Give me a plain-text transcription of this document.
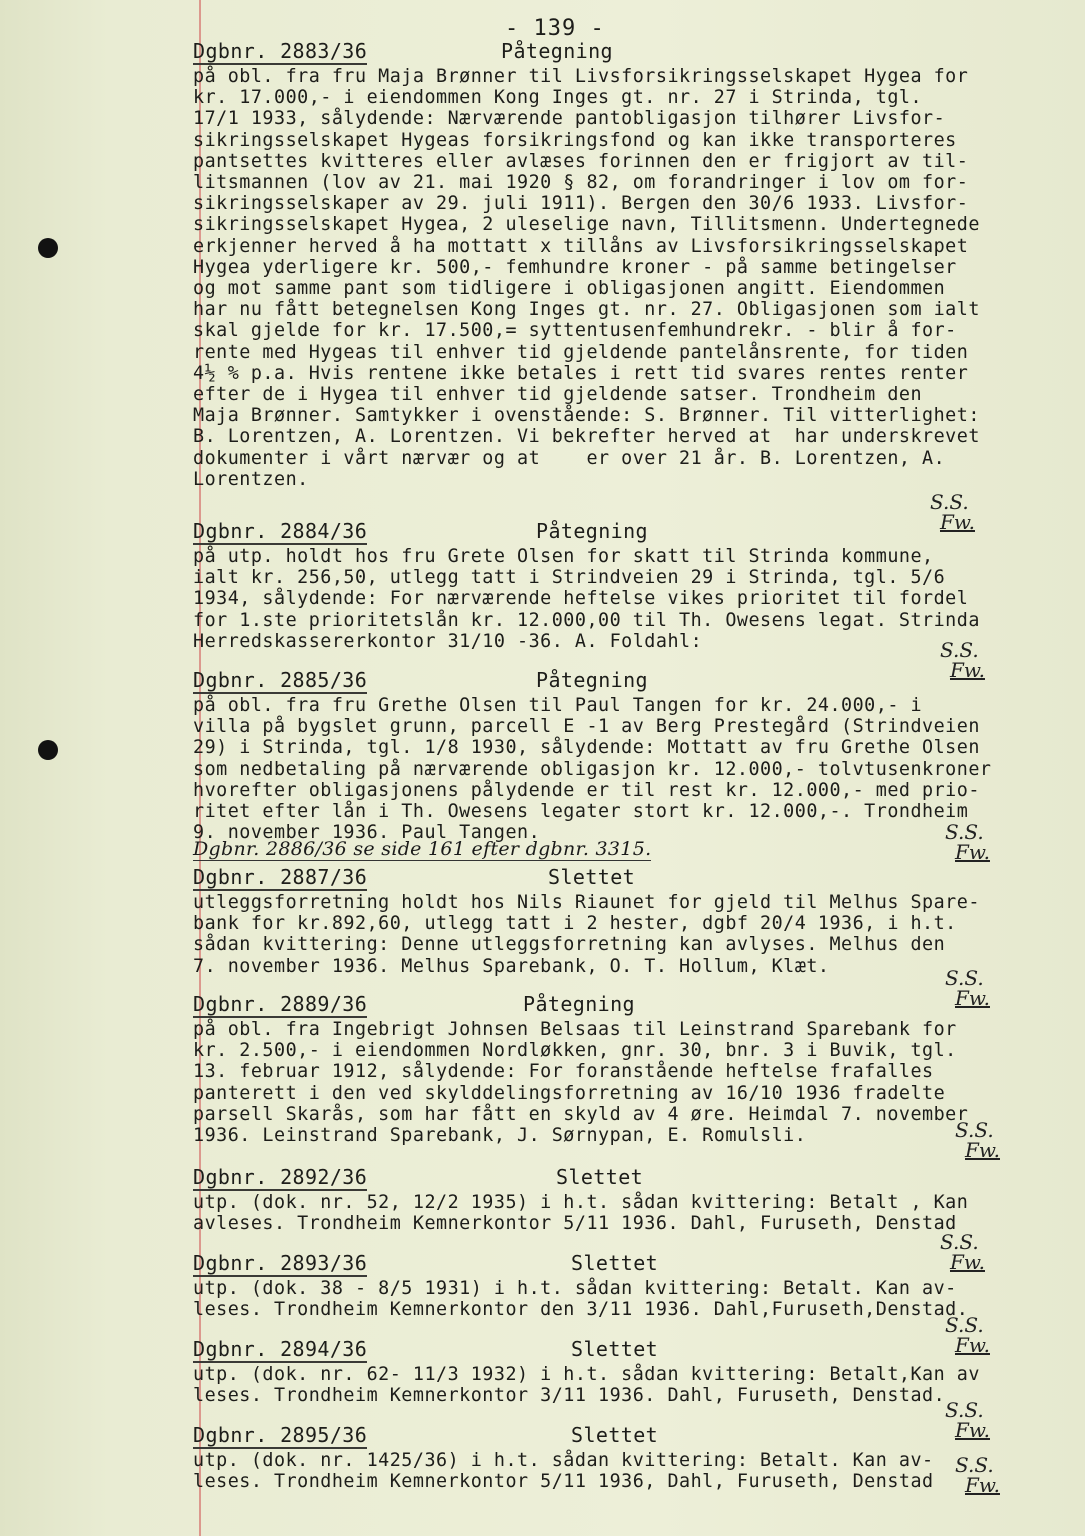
- 139 -
Dgbnr. 2886/36 se side 161 efter dgbnr. 3315.
Dgbnr. 2883/36	Påtegning
på obl. fra fru Maja Brønner til Livsforsikringsselskapet Hygea for
kr. 17.000,- i eiendommen Kong Inges gt. nr. 27 i Strinda, tgl.
17/1 1933, sålydende: Nærværende pantobligasjon tilhører Livsfor-
sikringsselskapet Hygeas forsikringsfond og kan ikke transporteres
pantsettes kvitteres eller avlæses forinnen den er frigjort av til-
litsmannen (lov av 21. mai 1920 § 82, om forandringer i lov om for-
sikringsselskaper av 29. juli 1911). Bergen den 30/6 1933. Livsfor-
sikringsselskapet Hygea, 2 uleselige navn, Tillitsmenn. Undertegnede
erkjenner herved å ha mottatt x tillåns av Livsforsikringsselskapet
Hygea yderligere kr. 500,- femhundre kroner - på samme betingelser
og mot samme pant som tidligere i obligasjonen angitt. Eiendommen
har nu fått betegnelsen Kong Inges gt. nr. 27. Obligasjonen som ialt
skal gjelde for kr. 17.500,= syttentusenfemhundrekr. - blir å for-
rente med Hygeas til enhver tid gjeldende pantelånsrente, for tiden
4½ % p.a. Hvis rentene ikke betales i rett tid svares rentes renter
efter de i Hygea til enhver tid gjeldende satser. Trondheim den
Maja Brønner. Samtykker i ovenstående: S. Brønner. Til vitterlighet:
B. Lorentzen, A. Lorentzen. Vi bekrefter herved at  har underskrevet
dokumenter i vårt nærvær og at    er over 21 år. B. Lorentzen, A.
Lorentzen.
Dgbnr. 2884/36	Påtegning
på utp. holdt hos fru Grete Olsen for skatt til Strinda kommune,
ialt kr. 256,50, utlegg tatt i Strindveien 29 i Strinda, tgl. 5/6
1934, sålydende: For nærværende heftelse vikes prioritet til fordel
for 1.ste prioritetslån kr. 12.000,00 til Th. Owesens legat. Strinda
Herredskassererkontor 31/10 -36. A. Foldahl:
Dgbnr. 2885/36	Påtegning
på obl. fra fru Grethe Olsen til Paul Tangen for kr. 24.000,- i
villa på bygslet grunn, parcell E -1 av Berg Prestegård (Strindveien
29) i Strinda, tgl. 1/8 1930, sålydende: Mottatt av fru Grethe Olsen
som nedbetaling på nærværende obligasjon kr. 12.000,- tolvtusenkroner
hvorefter obligasjonens pålydende er til rest kr. 12.000,- med prio-
ritet efter lån i Th. Owesens legater stort kr. 12.000,-. Trondheim
9. november 1936. Paul Tangen.
Dgbnr. 2887/36	Slettet
utleggsforretning holdt hos Nils Riaunet for gjeld til Melhus Spare-
bank for kr.892,60, utlegg tatt i 2 hester, dgbf 20/4 1936, i h.t.
sådan kvittering: Denne utleggsforretning kan avlyses. Melhus den
7. november 1936. Melhus Sparebank, O. T. Hollum, Klæt.
Dgbnr. 2889/36	Påtegning
på obl. fra Ingebrigt Johnsen Belsaas til Leinstrand Sparebank for
kr. 2.500,- i eiendommen Nordløkken, gnr. 30, bnr. 3 i Buvik, tgl.
13. februar 1912, sålydende: For foranstående heftelse frafalles
panterett i den ved skylddelingsforretning av 16/10 1936 fradelte
parsell Skarås, som har fått en skyld av 4 øre. Heimdal 7. november
1936. Leinstrand Sparebank, J. Sørnypan, E. Romulsli.
Dgbnr. 2892/36	Slettet
utp. (dok. nr. 52, 12/2 1935) i h.t. sådan kvittering: Betalt , Kan
avleses. Trondheim Kemnerkontor 5/11 1936. Dahl, Furuseth, Denstad
Dgbnr. 2893/36	Slettet
utp. (dok. 38 - 8/5 1931) i h.t. sådan kvittering: Betalt. Kan av-
leses. Trondheim Kemnerkontor den 3/11 1936. Dahl,Furuseth,Denstad.
Dgbnr. 2894/36	Slettet
utp. (dok. nr. 62- 11/3 1932) i h.t. sådan kvittering: Betalt,Kan av
leses. Trondheim Kemnerkontor 3/11 1936. Dahl, Furuseth, Denstad.
Dgbnr. 2895/36	Slettet
utp. (dok. nr. 1425/36) i h.t. sådan kvittering: Betalt. Kan av-
leses. Trondheim Kemnerkontor 5/11 1936, Dahl, Furuseth, Denstad
S.S.
Fw.
S.S.
Fw.
S.S.
Fw.
S.S.
Fw.
S.S.
Fw.
S.S.
Fw.
S.S.
Fw.
S.S.
Fw.
S.S.
Fw.
